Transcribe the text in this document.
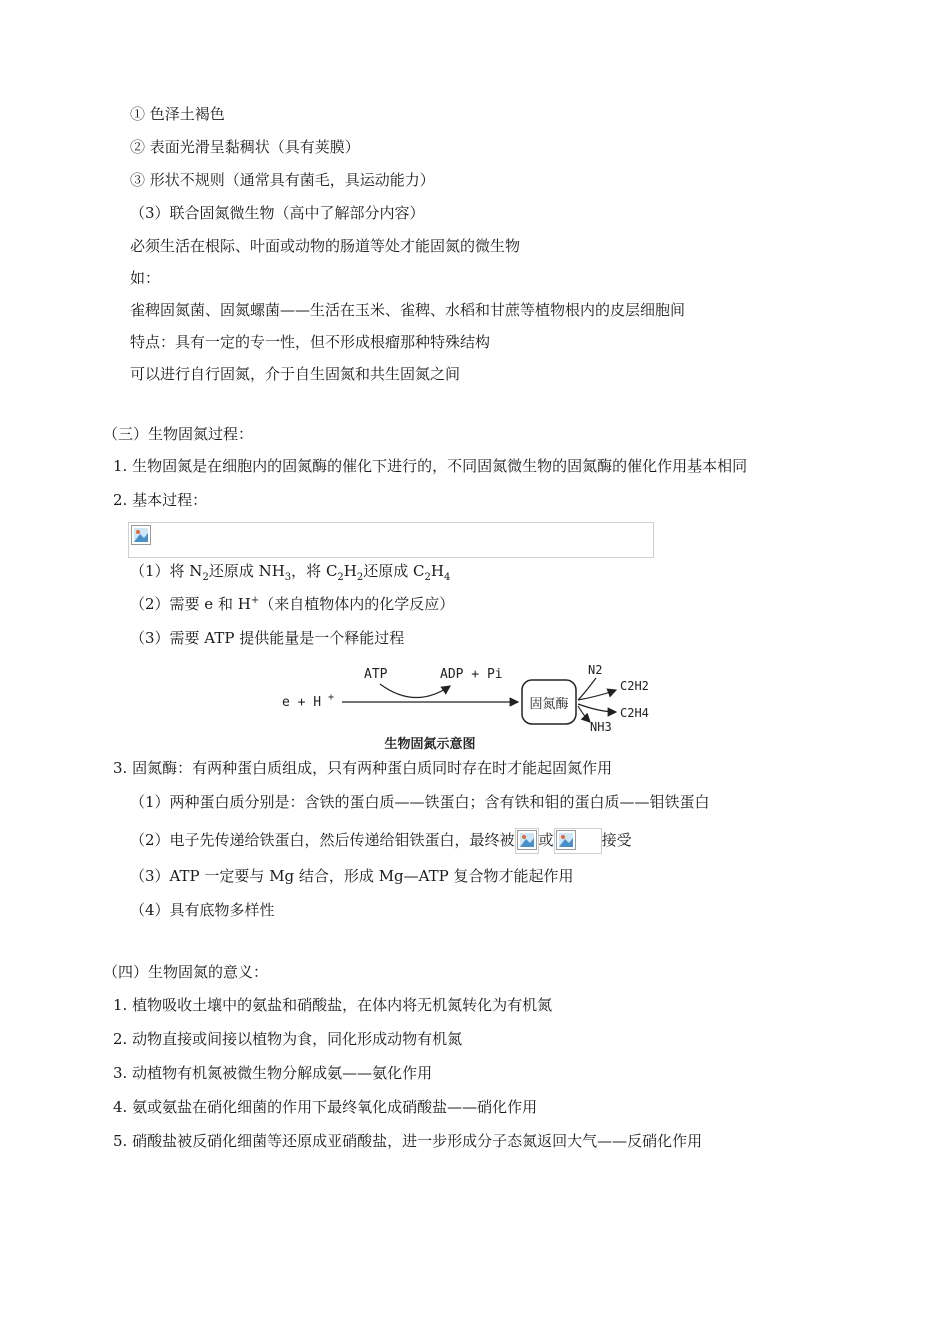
① 色泽土褐色
② 表面光滑呈黏稠状（具有荚膜）
③ 形状不规则（通常具有菌毛，具运动能力）
（3）联合固氮微生物（高中了解部分内容）
必须生活在根际、叶面或动物的肠道等处才能固氮的微生物
如：
雀稗固氮菌、固氮螺菌——生活在玉米、雀稗、水稻和甘蔗等植物根内的皮层细胞间
特点：具有一定的专一性，但不形成根瘤那种特殊结构
可以进行自行固氮，介于自生固氮和共生固氮之间
（三）生物固氮过程：
1. 生物固氮是在细胞内的固氮酶的催化下进行的，不同固氮微生物的固氮酶的催化作用基本相同
2. 基本过程：
（1）将 $N_2$还原成 $NH_3$，将 $C_2H_2$还原成 $C_2H_4$
（2）需要 e 和 H+（来自植物体内的化学反应）
（3）需要 ATP 提供能量是一个释能过程
e + H +
ATP	ADP + Pi
固氮酶
N2
C2H2
C2H4
NH3
生物固氮示意图
3. 固氮酶：有两种蛋白质组成，只有两种蛋白质同时存在时才能起固氮作用
（1）两种蛋白质分别是：含铁的蛋白质——铁蛋白；含有铁和钼的蛋白质——钼铁蛋白
（2）电子先传递给铁蛋白，然后传递给钼铁蛋白，最终被 或	接受
（3）ATP 一定要与 Mg 结合，形成 Mg—ATP 复合物才能起作用
（4）具有底物多样性
（四）生物固氮的意义：
1. 植物吸收土壤中的氨盐和硝酸盐，在体内将无机氮转化为有机氮
2. 动物直接或间接以植物为食，同化形成动物有机氮
3. 动植物有机氮被微生物分解成氨——氨化作用
4. 氨或氨盐在硝化细菌的作用下最终氧化成硝酸盐——硝化作用
5. 硝酸盐被反硝化细菌等还原成亚硝酸盐，进一步形成分子态氮返回大气——反硝化作用
